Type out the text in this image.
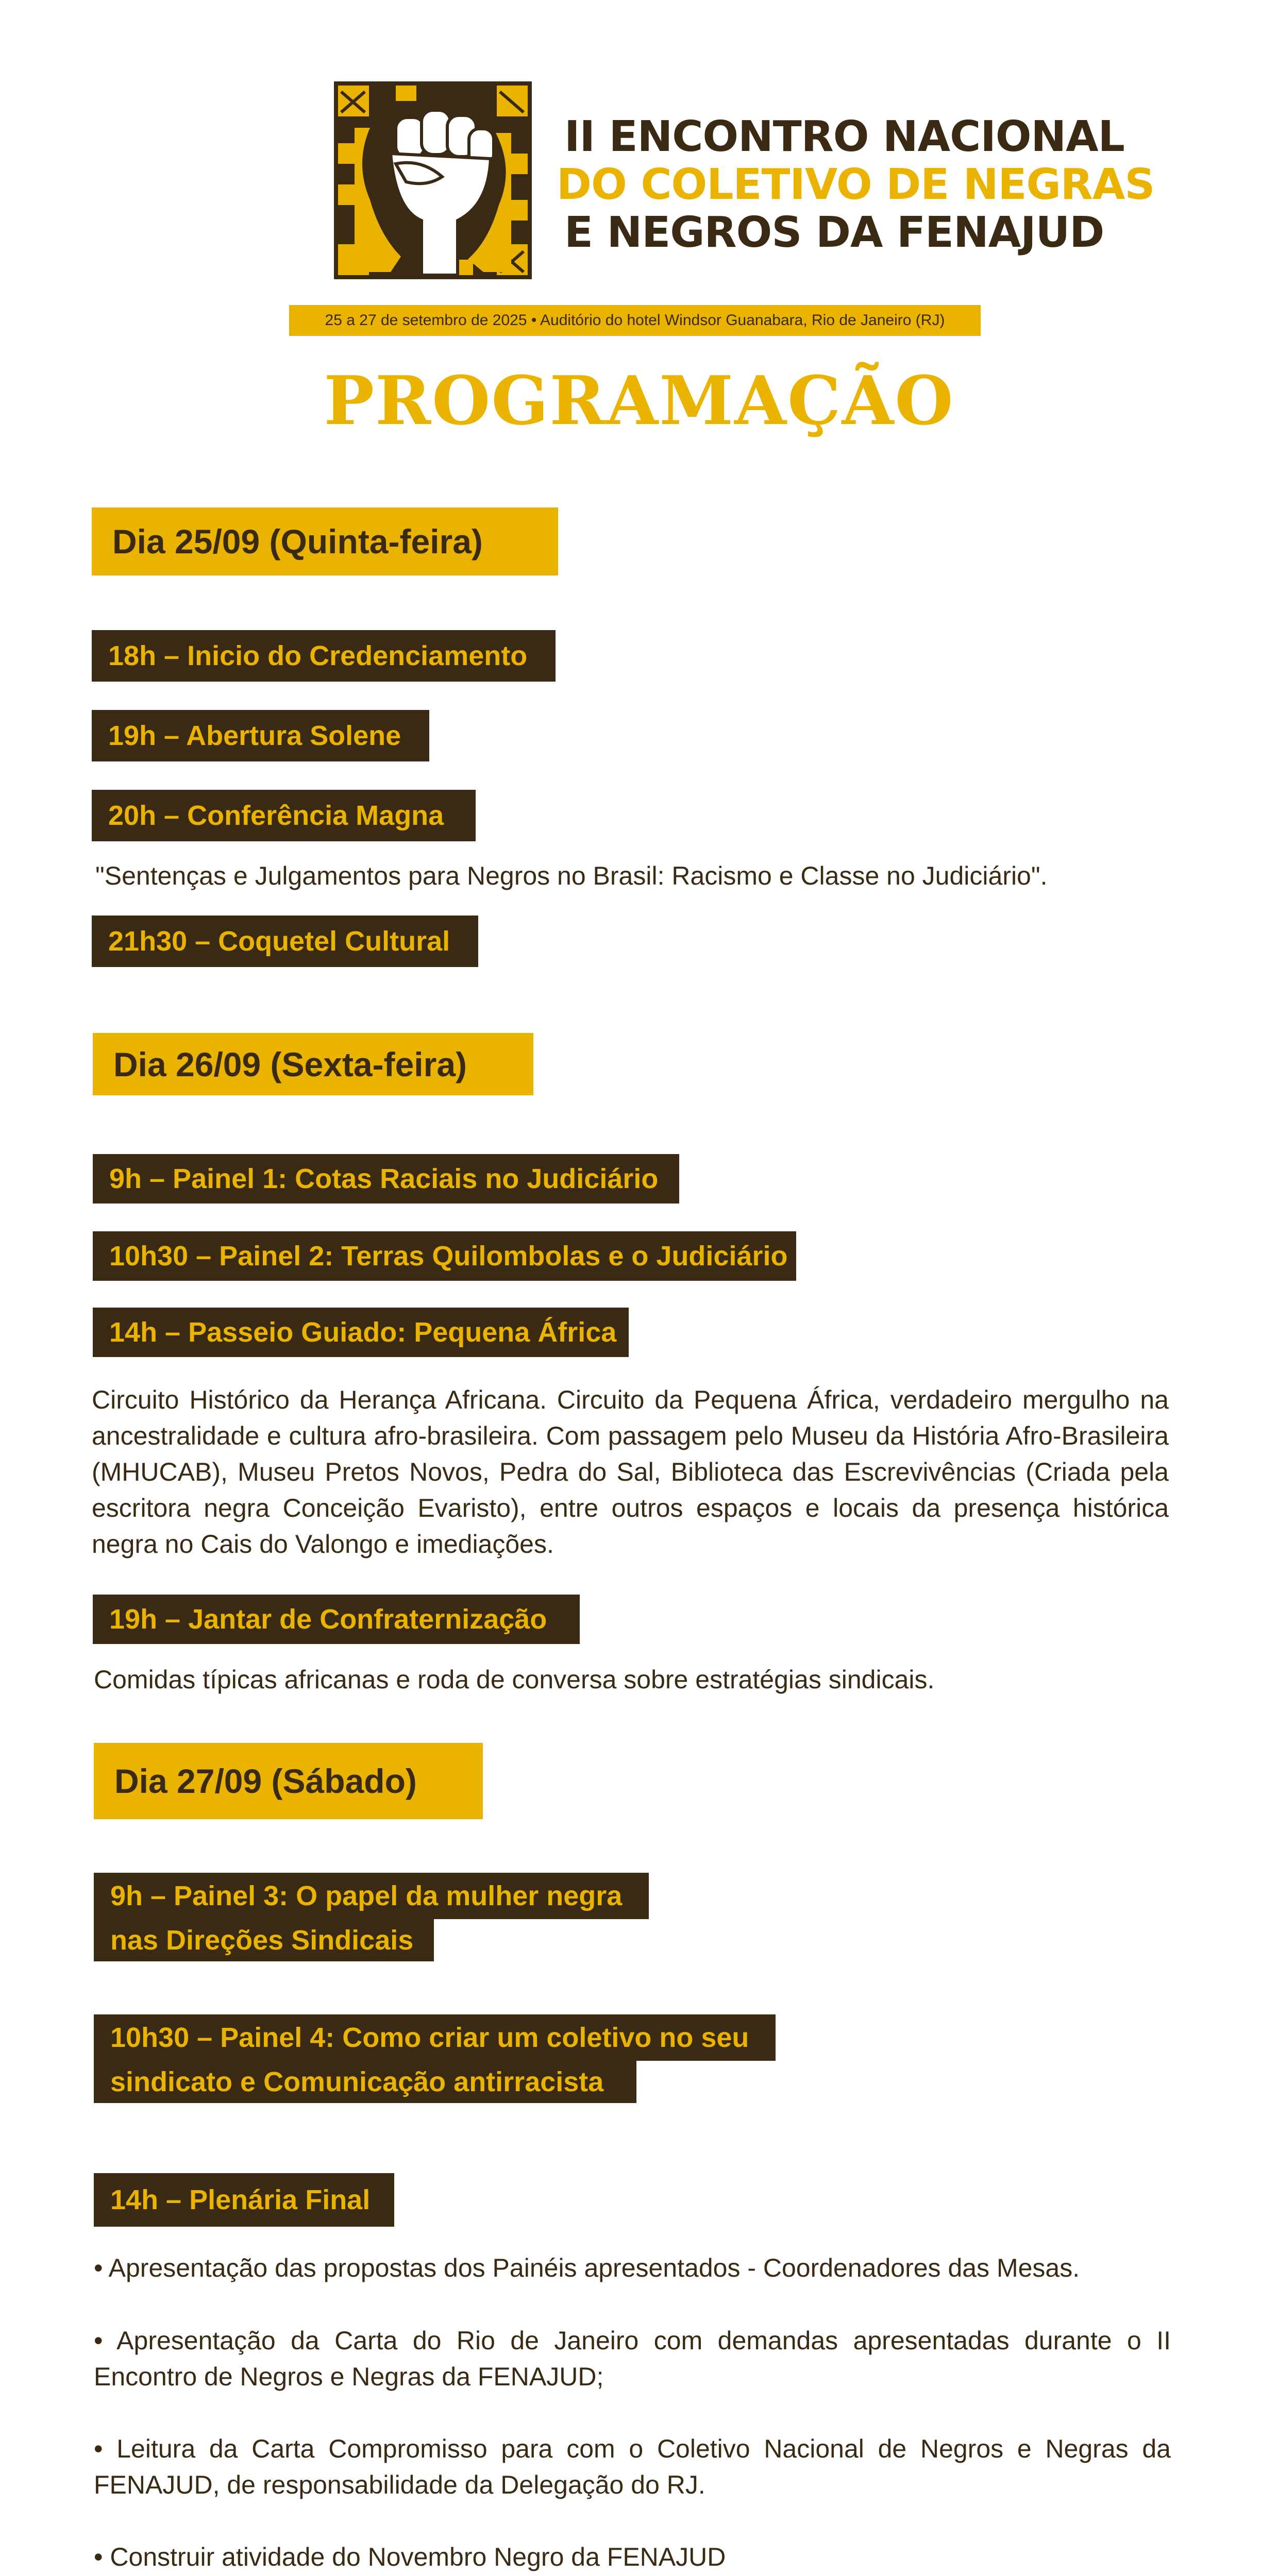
II ENCONTRO NACIONAL
DO COLETIVO DE NEGRAS
E NEGROS DA FENAJUD
25 a 27 de setembro de 2025 • Auditório do hotel Windsor Guanabara, Rio de Janeiro (RJ)
PROGRAMAÇÃO
Dia 25/09 (Quinta-feira)
18h – Inicio do Credenciamento
19h – Abertura Solene
20h – Conferência Magna
"Sentenças e Julgamentos para Negros no Brasil: Racismo e Classe no Judiciário".
21h30 – Coquetel Cultural
Dia 26/09 (Sexta-feira)
9h – Painel 1: Cotas Raciais no Judiciário
10h30 – Painel 2: Terras Quilombolas e o Judiciário
14h – Passeio Guiado: Pequena África
Circuito Histórico da Herança Africana. Circuito da Pequena África, verdadeiro mergulho na ancestralidade e cultura afro-brasileira. Com passagem pelo Museu da História Afro-Brasileira (MHUCAB), Museu Pretos Novos, Pedra do Sal, Biblioteca das Escrevivências (Criada pela escritora negra Conceição Evaristo), entre outros espaços e locais da presença histórica negra no Cais do Valongo e imediações.
19h – Jantar de Confraternização
Comidas típicas africanas e roda de conversa sobre estratégias sindicais.
Dia 27/09 (Sábado)
9h – Painel 3: O papel da mulher negra
nas Direções Sindicais
10h30 – Painel 4: Como criar um coletivo no seu
sindicato e Comunicação antirracista
14h – Plenária Final
• Apresentação das propostas dos Painéis apresentados - Coordenadores das Mesas.
• Apresentação da Carta do Rio de Janeiro com demandas apresentadas durante o II Encontro de Negros e Negras da FENAJUD;
• Leitura da Carta Compromisso para com o Coletivo Nacional de Negros e Negras da FENAJUD, de responsabilidade da Delegação do RJ.
• Construir atividade do Novembro Negro da FENAJUD
